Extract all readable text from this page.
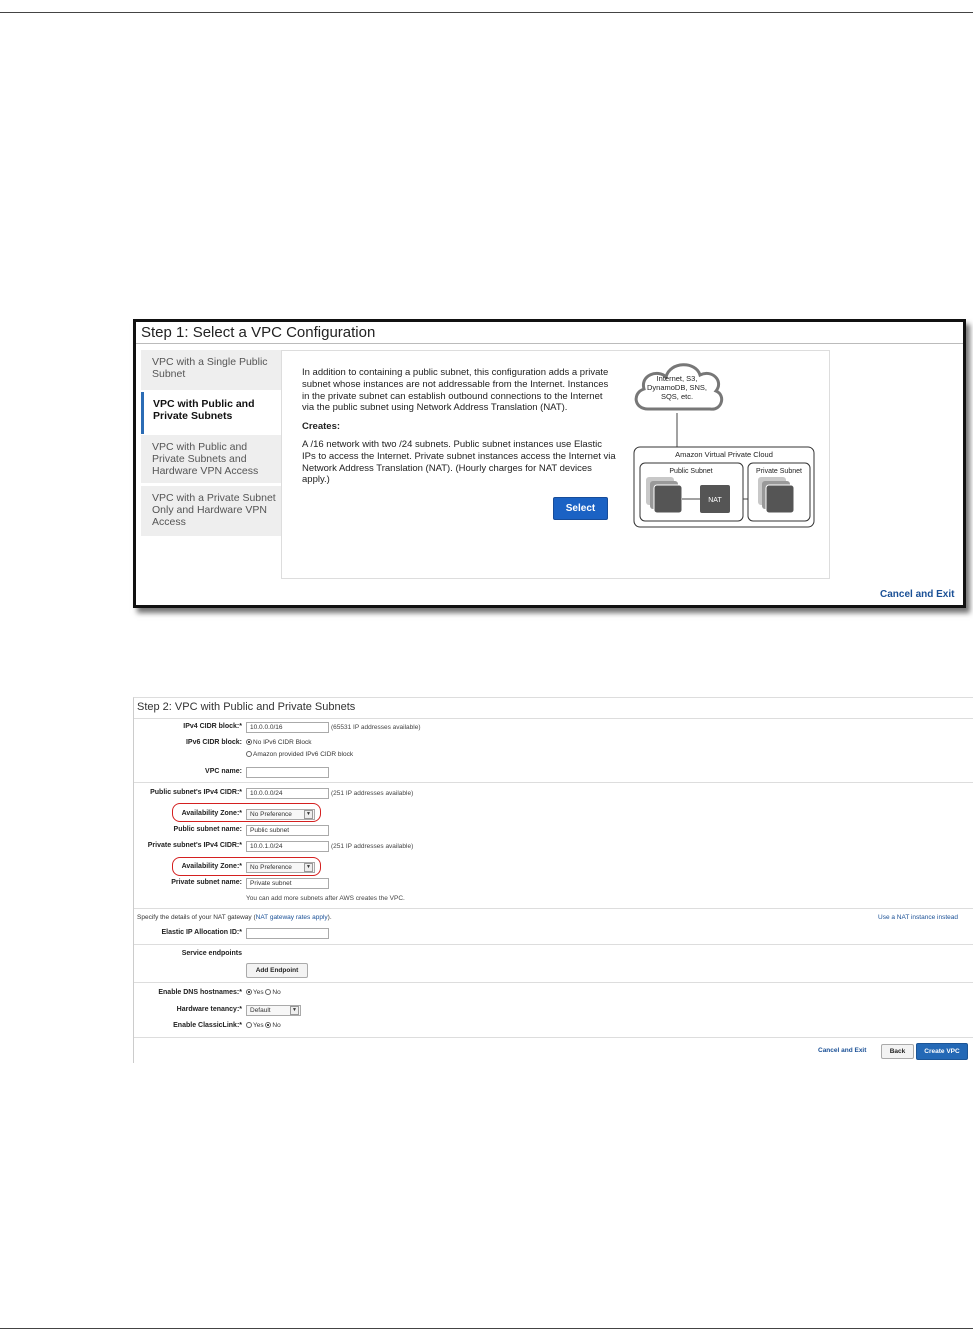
Step 1: Select a VPC Configuration
VPC with a Single Public Subnet
VPC with Public and Private Subnets
VPC with Public and Private Subnets and Hardware VPN Access
VPC with a Private Subnet Only and Hardware VPN Access
In addition to containing a public subnet, this configuration adds a private subnet whose instances are not addressable from the Internet. Instances in the private subnet can establish outbound connections to the Internet via the public subnet using Network Address Translation (NAT).
Creates:
A /16 network with two /24 subnets. Public subnet instances use Elastic IPs to access the Internet. Private subnet instances access the Internet via Network Address Translation (NAT). (Hourly charges for NAT devices apply.)
Select
Internet, S3,
DynamoDB, SNS,
SQS, etc.
Amazon Virtual Private Cloud
Public Subnet
NAT
Private Subnet
Cancel and Exit
Step 2: VPC with Public and Private Subnets
IPv4 CIDR block:*	10.0.0.0/16	(65531 IP addresses available)
IPv6 CIDR block:	No IPv6 CIDR Block
Amazon provided IPv6 CIDR block
VPC name:
Public subnet's IPv4 CIDR:*	10.0.0.0/24	(251 IP addresses available)
Availability Zone:*	No Preference	▼
Public subnet name:	Public subnet
Private subnet's IPv4 CIDR:*	10.0.1.0/24	(251 IP addresses available)
Availability Zone:*	No Preference	▼
Private subnet name:	Private subnet
You can add more subnets after AWS creates the VPC.
Specify the details of your NAT gateway (NAT gateway rates apply).	Use a NAT instance instead
Elastic IP Allocation ID:*
Service endpoints
Add Endpoint
Enable DNS hostnames:*	Yes No
Hardware tenancy:*	Default	▼
Enable ClassicLink:*	Yes No
Cancel and Exit	Back	Create VPC
